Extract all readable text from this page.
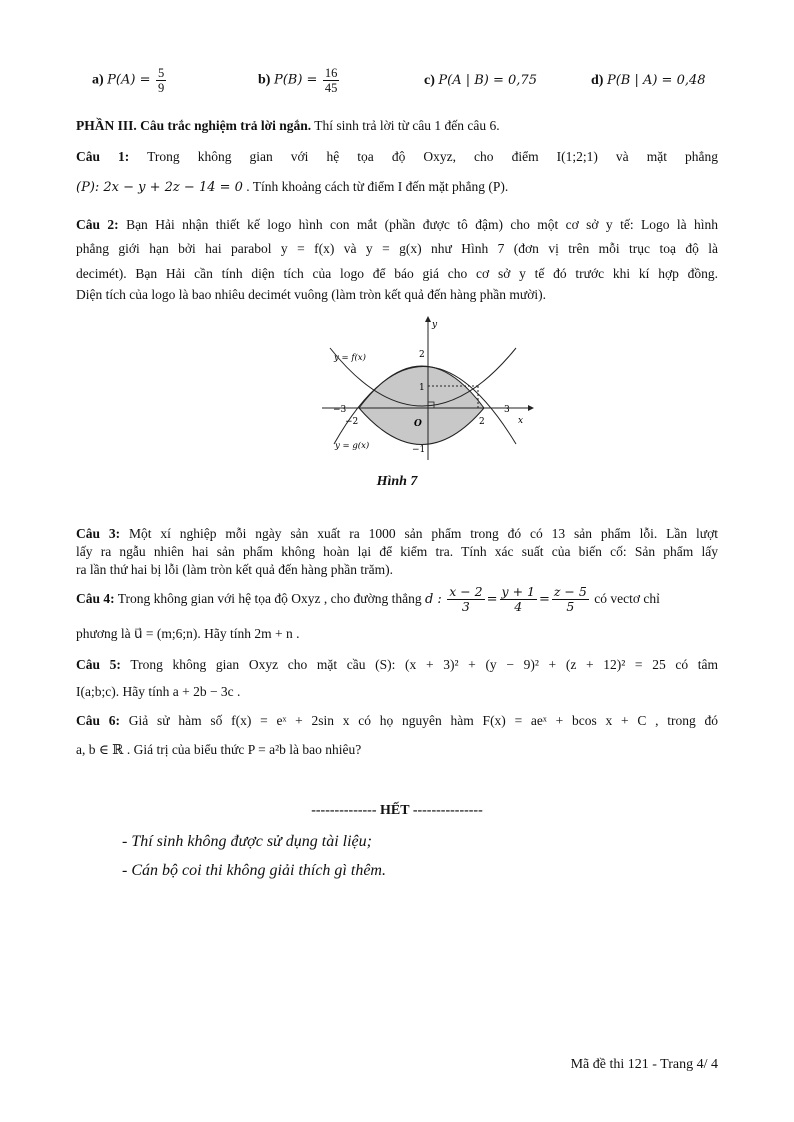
a) $P(A) = \frac{5}{9}$	b) $P(B) = \frac{16}{45}$	c) P(A | B) = 0,75	d) P(B | A) = 0,48
PHẦN III. Câu trắc nghiệm trả lời ngắn. Thí sinh trả lời từ câu 1 đến câu 6.
Câu 1: Trong không gian với hệ tọa độ Oxyz, cho điểm I(1;2;1) và mặt phẳng
(P): 2x − y + 2z − 14 = 0 . Tính khoảng cách từ điểm I đến mặt phẳng (P).
Câu 2: Bạn Hải nhận thiết kế logo hình con mắt (phần được tô đậm) cho một cơ sở y tế: Logo là hình
phẳng giới hạn bởi hai parabol y = f(x) và y = g(x) như Hình 7 (đơn vị trên mỗi trục toạ độ là
decimét). Bạn Hải cần tính diện tích của logo để báo giá cho cơ sở y tế đó trước khi kí hợp đồng.
Diện tích của logo là bao nhiêu decimét vuông (làm tròn kết quả đến hàng phần mười).
y
x
O
y = f(x)
y = g(x)
−3
−2	2
3
2
1
−1
Hình 7
Câu 3: Một xí nghiệp mỗi ngày sản xuất ra 1000 sản phẩm trong đó có 13 sản phẩm lỗi. Lần lượt
lấy ra ngẫu nhiên hai sản phẩm không hoàn lại để kiểm tra. Tính xác suất của biến cố: Sản phẩm lấy
ra lần thứ hai bị lỗi (làm tròn kết quả đến hàng phần trăm).
Câu 4: Trong không gian với hệ tọa độ Oxyz , cho đường thẳng d : $\frac{x - 2}{3} = \frac{y + 1}{4} = \frac{z - 5}{5}$ có vectơ chỉ
phương là u⃗ = (m;6;n). Hãy tính 2m + n .
Câu 5: Trong không gian Oxyz cho mặt cầu (S): (x + 3)² + (y − 9)² + (z + 12)² = 25 có tâm
I(a;b;c). Hãy tính a + 2b − 3c .
Câu 6: Giả sử hàm số f(x) = eˣ + 2sin x có họ nguyên hàm F(x) = aeˣ + bcos x + C , trong đó
a, b ∈ ℝ . Giá trị của biểu thức P = a²b là bao nhiêu?
-------------- HẾT ---------------
- Thí sinh không được sử dụng tài liệu;
- Cán bộ coi thi không giải thích gì thêm.
Mã đề thi 121 - Trang 4/ 4
